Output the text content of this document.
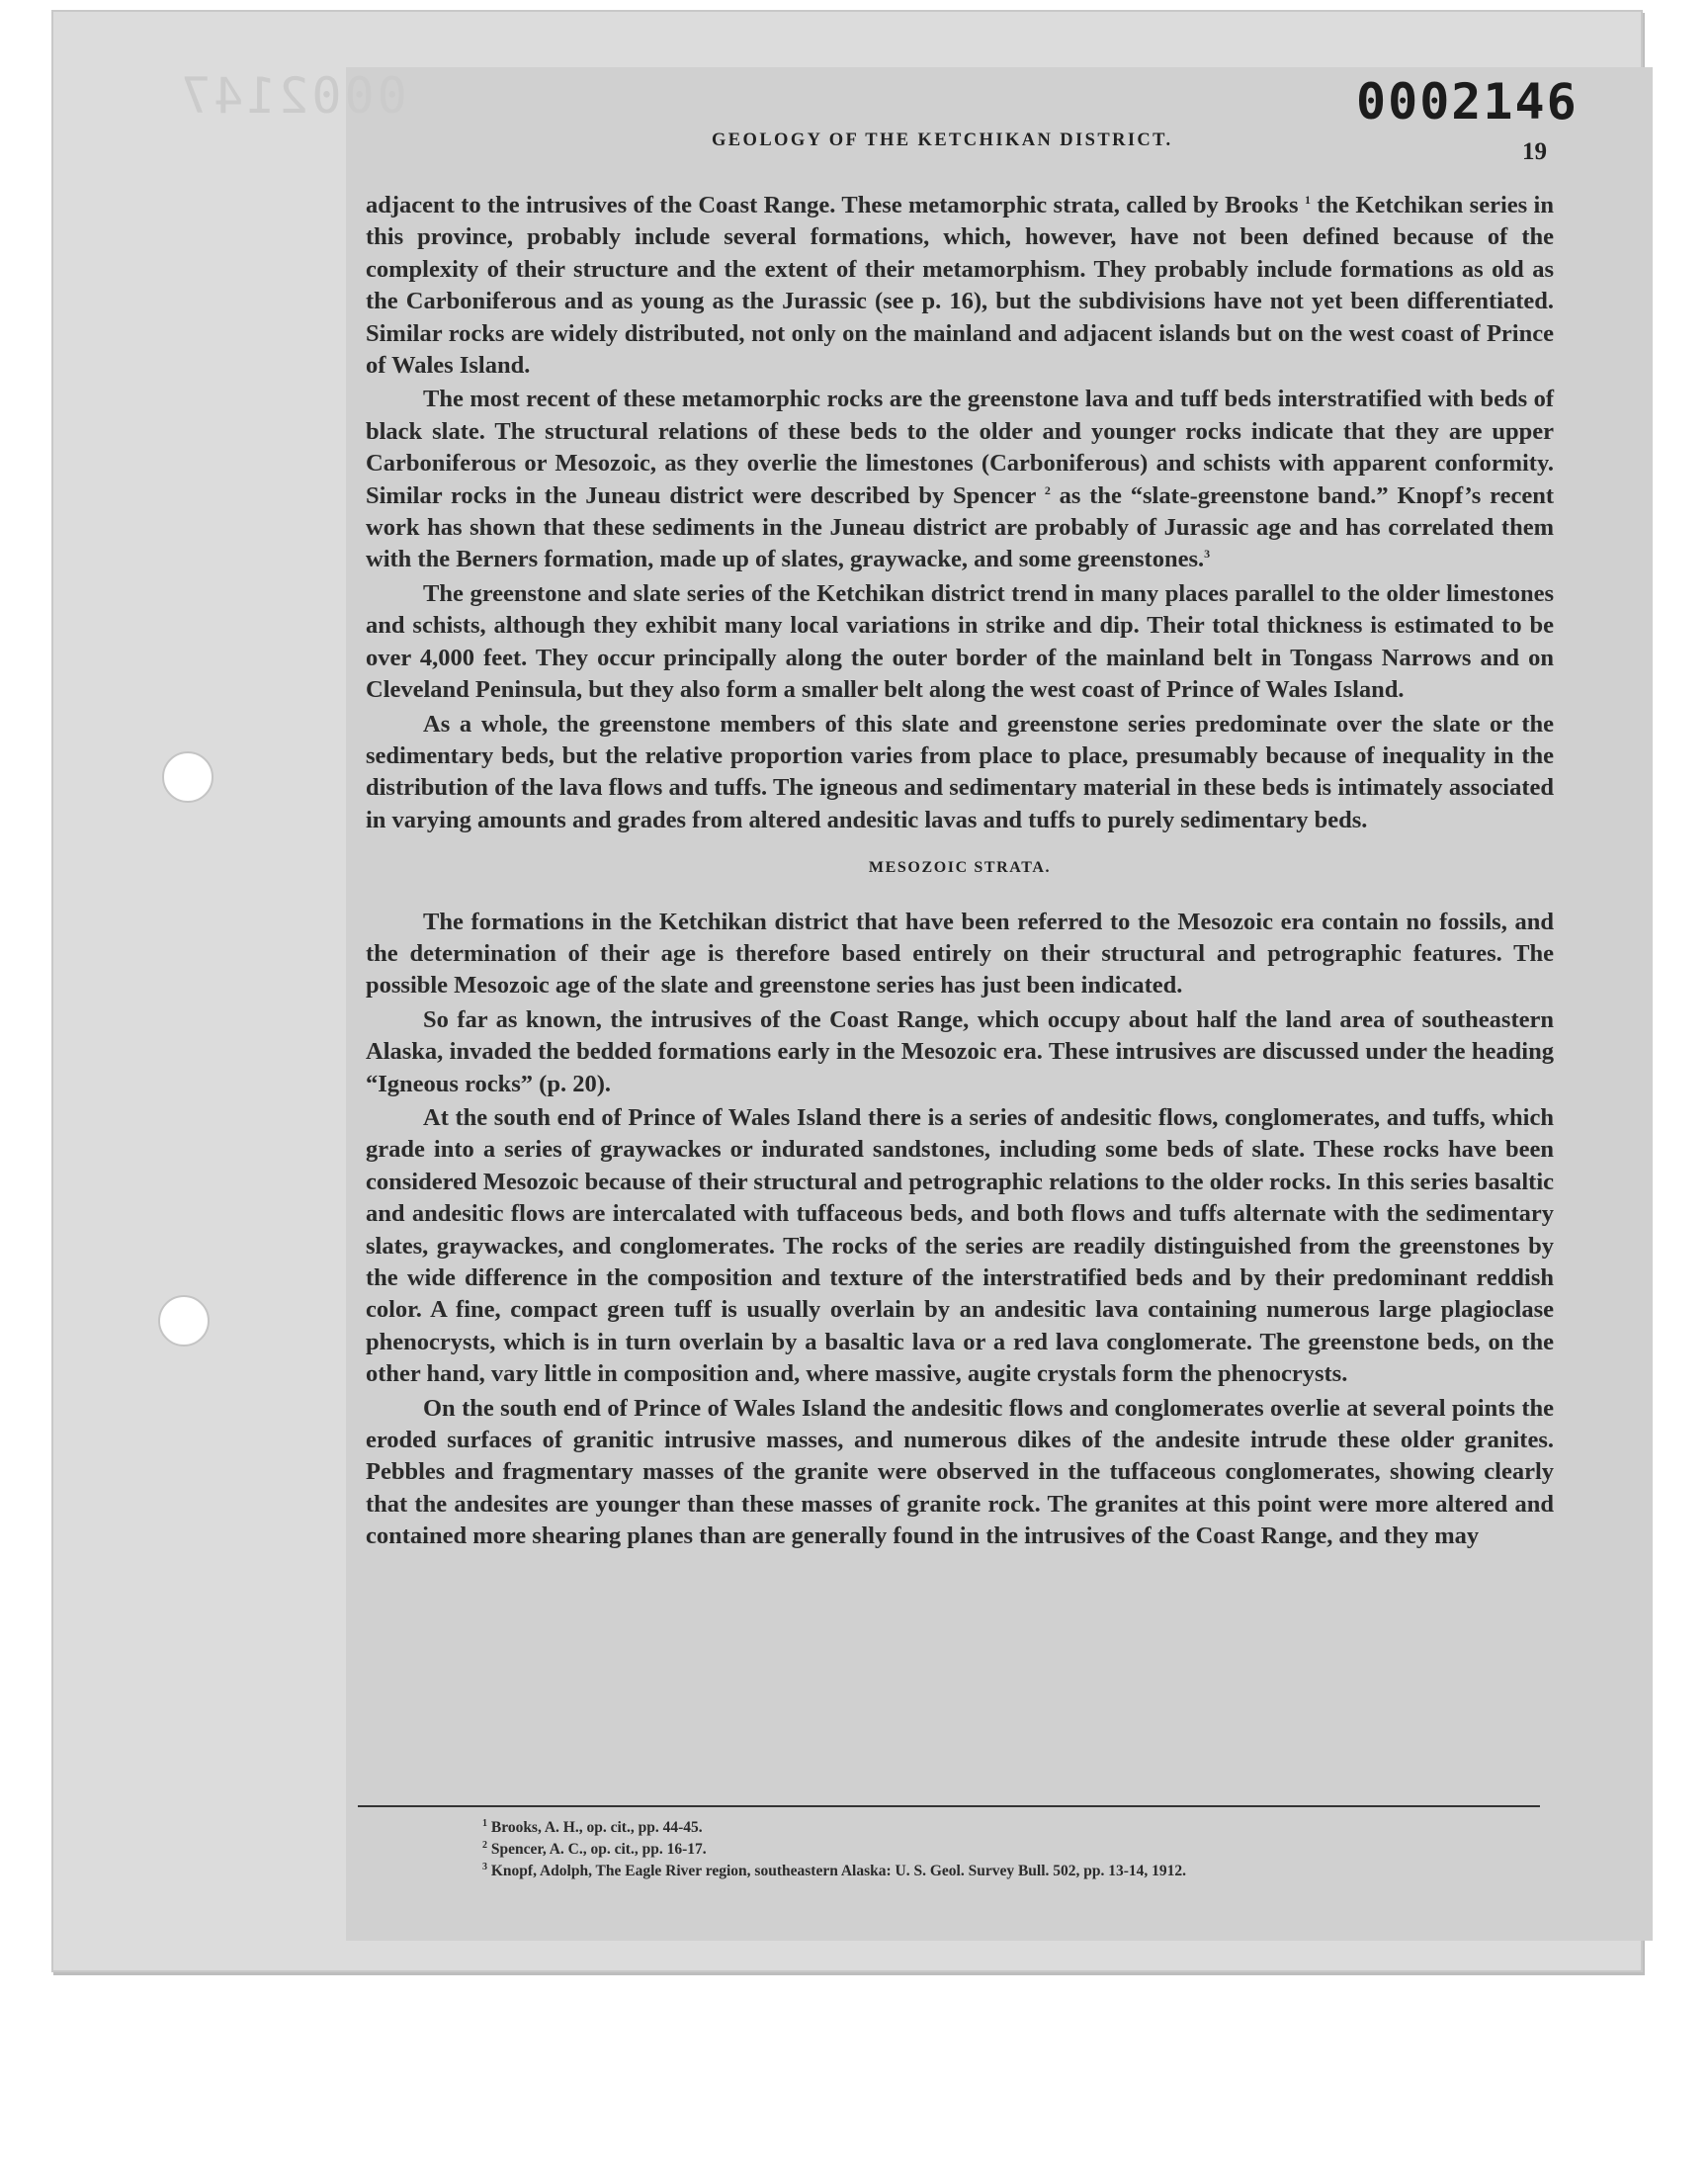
0002147	0002146
GEOLOGY OF THE KETCHIKAN DISTRICT.	19

adjacent to the intrusives of the Coast Range. These metamorphic strata, called by Brooks $^1$ the Ketchikan series in this province, probably include several formations, which, however, have not been defined because of the complexity of their structure and the extent of their metamorphism. They probably include formations as old as the Carboniferous and as young as the Jurassic (see p. 16), but the subdivisions have not yet been differentiated. Similar rocks are widely distributed, not only on the mainland and adjacent islands but on the west coast of Prince of Wales Island.

The most recent of these metamorphic rocks are the greenstone lava and tuff beds interstratified with beds of black slate. The structural relations of these beds to the older and younger rocks indicate that they are upper Carboniferous or Mesozoic, as they overlie the limestones (Carboniferous) and schists with apparent conformity. Similar rocks in the Juneau district were described by Spencer $^2$ as the “slate-greenstone band.” Knopf’s recent work has shown that these sediments in the Juneau district are probably of Jurassic age and has correlated them with the Berners formation, made up of slates, graywacke, and some greenstones.$^3$

The greenstone and slate series of the Ketchikan district trend in many places parallel to the older limestones and schists, although they exhibit many local variations in strike and dip. Their total thickness is estimated to be over 4,000 feet. They occur principally along the outer border of the mainland belt in Tongass Narrows and on Cleveland Peninsula, but they also form a smaller belt along the west coast of Prince of Wales Island.

As a whole, the greenstone members of this slate and greenstone series predominate over the slate or the sedimentary beds, but the relative proportion varies from place to place, presumably because of inequality in the distribution of the lava flows and tuffs. The igneous and sedimentary material in these beds is intimately associated in varying amounts and grades from altered andesitic lavas and tuffs to purely sedimentary beds.

MESOZOIC STRATA.

The formations in the Ketchikan district that have been referred to the Mesozoic era contain no fossils, and the determination of their age is therefore based entirely on their structural and petrographic features. The possible Mesozoic age of the slate and greenstone series has just been indicated.

So far as known, the intrusives of the Coast Range, which occupy about half the land area of southeastern Alaska, invaded the bedded formations early in the Mesozoic era. These intrusives are discussed under the heading “Igneous rocks” (p. 20).

At the south end of Prince of Wales Island there is a series of andesitic flows, conglomerates, and tuffs, which grade into a series of graywackes or indurated sandstones, including some beds of slate. These rocks have been considered Mesozoic because of their structural and petrographic relations to the older rocks. In this series basaltic and andesitic flows are intercalated with tuffaceous beds, and both flows and tuffs alternate with the sedimentary slates, graywackes, and conglomerates. The rocks of the series are readily distinguished from the greenstones by the wide difference in the composition and texture of the interstratified beds and by their predominant reddish color. A fine, compact green tuff is usually overlain by an andesitic lava containing numerous large plagioclase phenocrysts, which is in turn overlain by a basaltic lava or a red lava conglomerate. The greenstone beds, on the other hand, vary little in composition and, where massive, augite crystals form the phenocrysts.

On the south end of Prince of Wales Island the andesitic flows and conglomerates overlie at several points the eroded surfaces of granitic intrusive masses, and numerous dikes of the andesite intrude these older granites. Pebbles and fragmentary masses of the granite were observed in the tuffaceous conglomerates, showing clearly that the andesites are younger than these masses of granite rock. The granites at this point were more altered and contained more shearing planes than are generally found in the intrusives of the Coast Range, and they may

$^1$ Brooks, A. H., op. cit., pp. 44-45.
$^2$ Spencer, A. C., op. cit., pp. 16-17.
$^3$ Knopf, Adolph, The Eagle River region, southeastern Alaska: U. S. Geol. Survey Bull. 502, pp. 13-14, 1912.
